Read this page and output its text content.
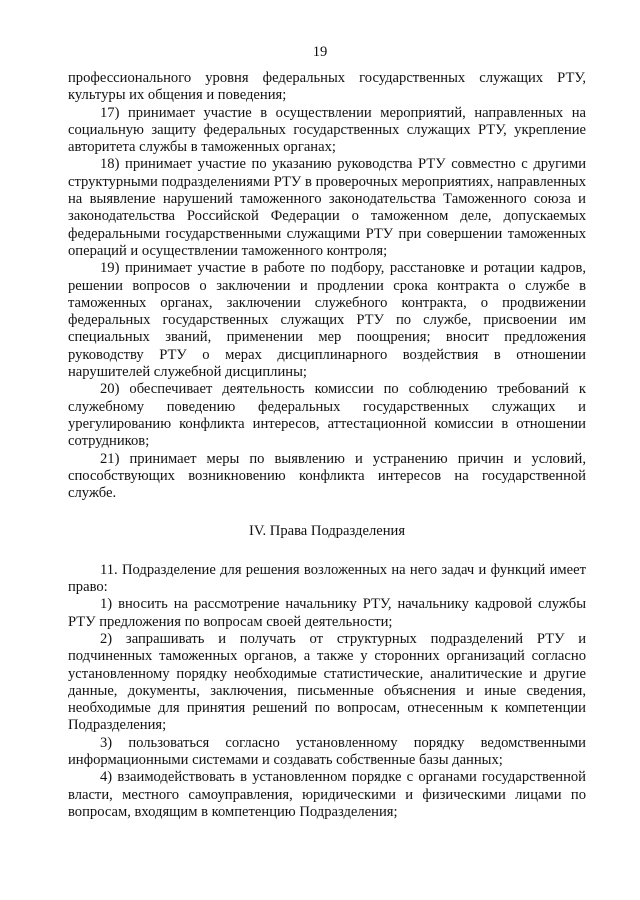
19

профессионального уровня федеральных государственных служащих РТУ, культуры их общения и поведения;

17) принимает участие в осуществлении мероприятий, направленных на социальную защиту федеральных государственных служащих РТУ, укрепление авторитета службы в таможенных органах;

18) принимает участие по указанию руководства РТУ совместно с другими структурными подразделениями РТУ в проверочных мероприятиях, направленных на выявление нарушений таможенного законодательства Таможенного союза и законодательства Российской Федерации о таможенном деле, допускаемых федеральными государственными служащими РТУ при совершении таможенных операций и осуществлении таможенного контроля;

19) принимает участие в работе по подбору, расстановке и ротации кадров, решении вопросов о заключении и продлении срока контракта о службе в таможенных органах, заключении служебного контракта, о продвижении федеральных государственных служащих РТУ по службе, присвоении им специальных званий, применении мер поощрения; вносит предложения руководству РТУ о мерах дисциплинарного воздействия в отношении нарушителей служебной дисциплины;

20) обеспечивает деятельность комиссии по соблюдению требований к служебному поведению федеральных государственных служащих и урегулированию конфликта интересов, аттестационной комиссии в отношении сотрудников;

21) принимает меры по выявлению и устранению причин и условий, способствующих возникновению конфликта интересов на государственной службе.

IV. Права Подразделения

11. Подразделение для решения возложенных на него задач и функций имеет право:

1) вносить на рассмотрение начальнику РТУ, начальнику кадровой службы РТУ предложения по вопросам своей деятельности;

2) запрашивать и получать от структурных подразделений РТУ и подчиненных таможенных органов, а также у сторонних организаций согласно установленному порядку необходимые статистические, аналитические и другие данные, документы, заключения, письменные объяснения и иные сведения, необходимые для принятия решений по вопросам, отнесенным к компетенции Подразделения;

3) пользоваться согласно установленному порядку ведомственными информационными системами и создавать собственные базы данных;

4) взаимодействовать в установленном порядке с органами государственной власти, местного самоуправления, юридическими и физическими лицами по вопросам, входящим в компетенцию Подразделения;
